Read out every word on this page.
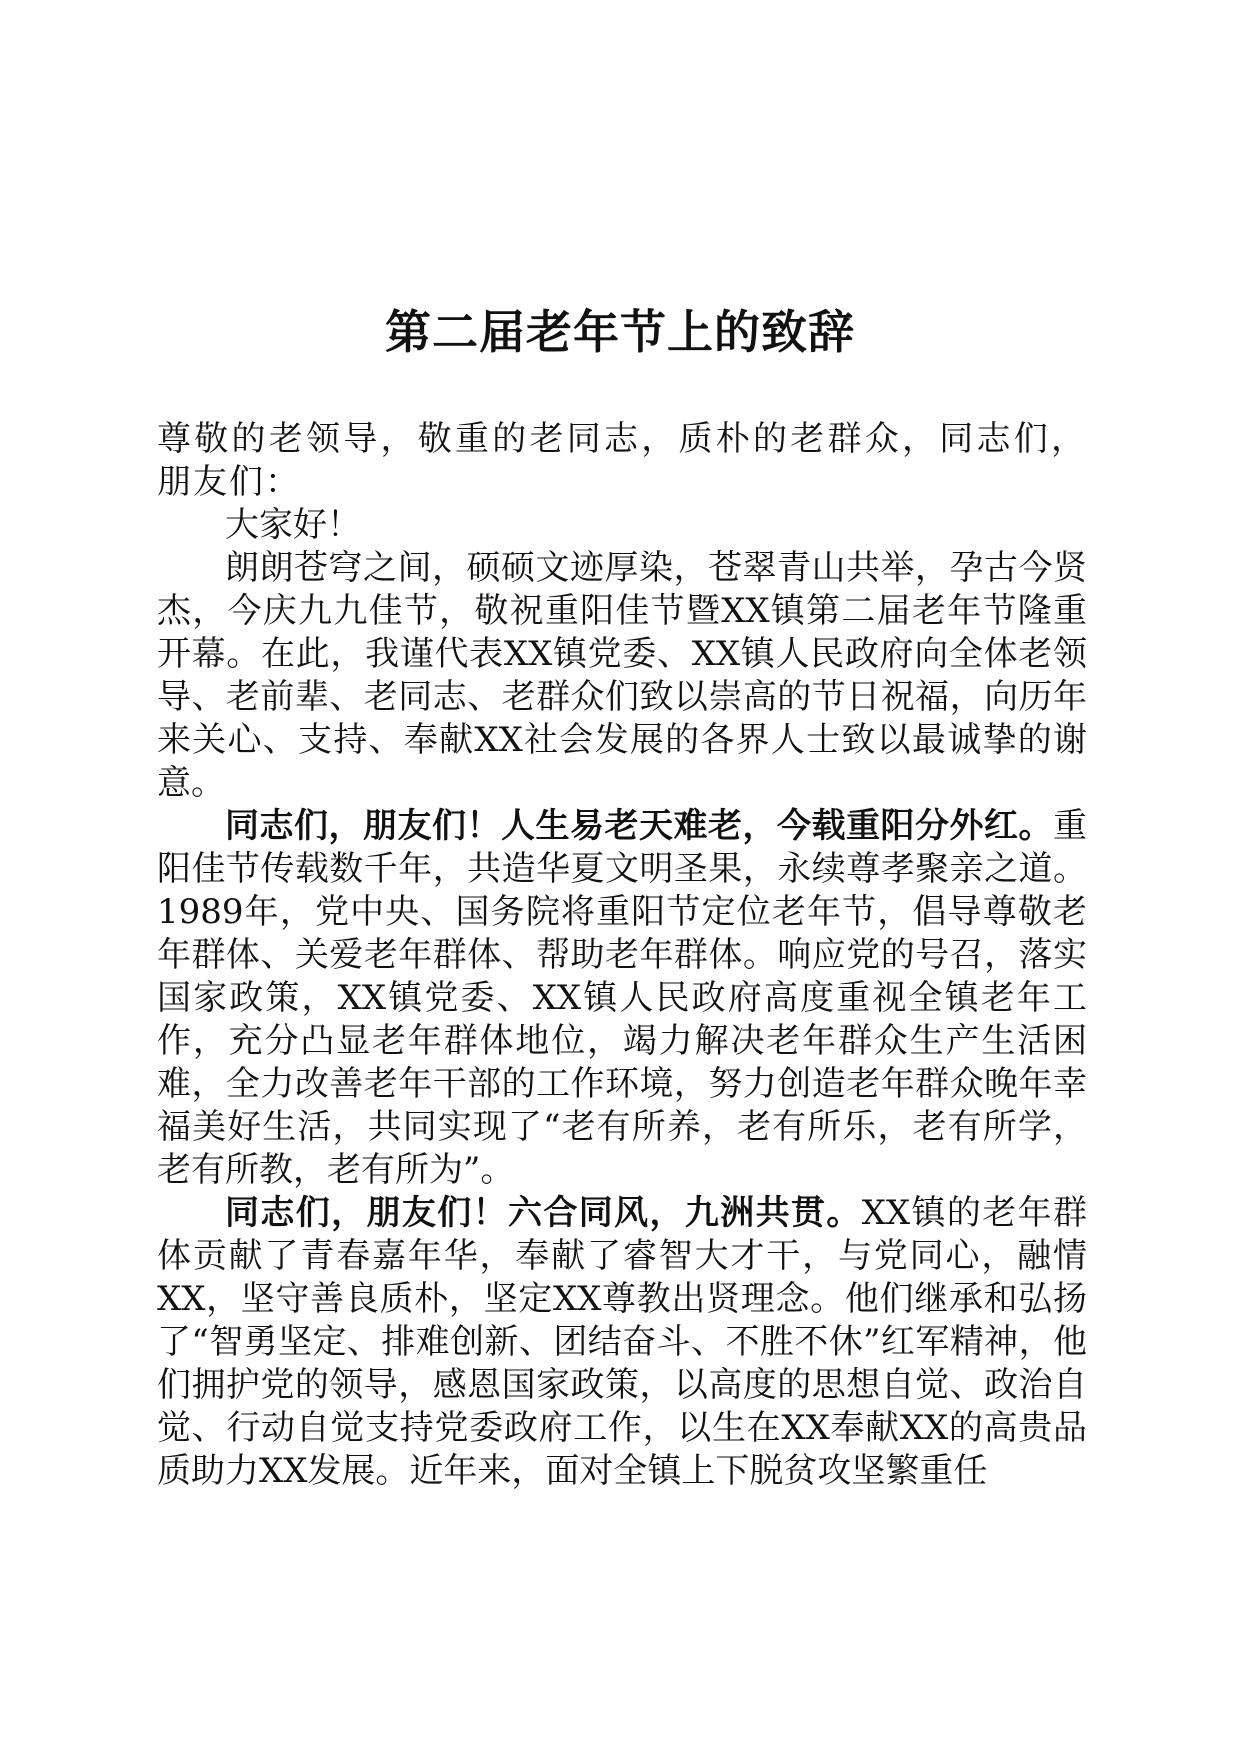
第二届老年节上的致辞

尊敬的老领导，敬重的老同志，质朴的老群众，同志们，朋友们：

大家好！

朗朗苍穹之间，硕硕文迹厚染，苍翠青山共举，孕古今贤杰，今庆九九佳节，敬祝重阳佳节暨XX镇第二届老年节隆重开幕。在此，我谨代表XX镇党委、XX镇人民政府向全体老领导、老前辈、老同志、老群众们致以崇高的节日祝福，向历年来关心、支持、奉献XX社会发展的各界人士致以最诚挚的谢意。

同志们，朋友们！人生易老天难老，今载重阳分外红。重阳佳节传载数千年，共造华夏文明圣果，永续尊孝聚亲之道。1989年，党中央、国务院将重阳节定位老年节，倡导尊敬老年群体、关爱老年群体、帮助老年群体。响应党的号召，落实国家政策，XX镇党委、XX镇人民政府高度重视全镇老年工作，充分凸显老年群体地位，竭力解决老年群众生产生活困难，全力改善老年干部的工作环境，努力创造老年群众晚年幸福美好生活，共同实现了“老有所养，老有所乐，老有所学，老有所教，老有所为”。

同志们，朋友们！六合同风，九洲共贯。XX镇的老年群体贡献了青春嘉年华，奉献了睿智大才干，与党同心，融情XX，坚守善良质朴，坚定XX尊教出贤理念。他们继承和弘扬了“智勇坚定、排难创新、团结奋斗、不胜不休”红军精神，他们拥护党的领导，感恩国家政策，以高度的思想自觉、政治自觉、行动自觉支持党委政府工作，以生在XX奉献XX的高贵品质助力XX发展。近年来，面对全镇上下脱贫攻坚繁重任
